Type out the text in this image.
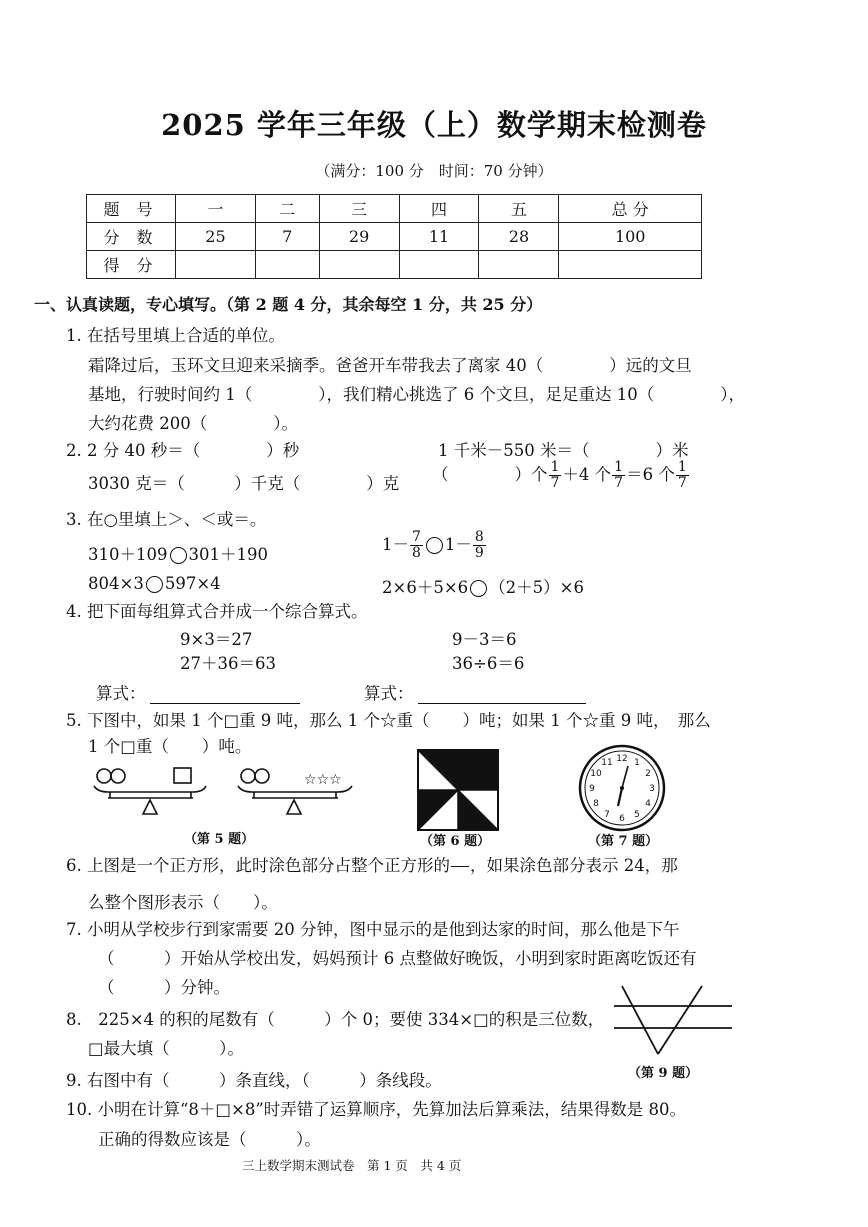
2025 学年三年级（上）数学期末检测卷
（满分：100 分　时间：70 分钟）
题 号	一	二	三	四	五	总 分
分 数	25	7	29	11	28	100
得 分						
一、认真读题，专心填写。（第 2 题 4 分，其余每空 1 分，共 25 分）
1. 在括号里填上合适的单位。
霜降过后，玉环文旦迎来采摘季。爸爸开车带我去了离家 40（　　　　）远的文旦
基地，行驶时间约 1（　　　　），我们精心挑选了 6 个文旦，足足重达 10（　　　　），
大约花费 200（　　　　）。
2. 2 分 40 秒＝（　　　　）秒	1 千米－550 米＝（　　　　）米
3030 克＝（　　　）千克（　　　　）克 （　　　　）个 $\frac{1}{7} +4$ 个 $\frac{1}{7} =6$ 个 $\frac{1}{7}$
3. 在○里填上＞、＜或＝。
310＋109 301＋190
$1- \frac{7}{8} 1- \frac{8}{9}$
804×3 597×4	2×6＋5×6 （2＋5）×6
4. 把下面每组算式合并成一个综合算式。
9×3＝27
27＋36＝63
9－3＝6
36÷6＝6
算式：	算式：
5. 下图中，如果 1 个□重 9 吨，那么 1 个☆重（　　）吨；如果 1 个☆重 9 吨，　那么
1 个□重（　　）吨。
☆☆☆
12 1
2
3
4
5
6
7
8
9
10
11
（第 5 题）	（第 6 题）	（第 7 题）
6. 上图是一个正方形，此时涂色部分占整个正方形的

，如果涂色部分表示 24，那
么整个图形表示（　　）。
7. 小明从学校步行到家需要 20 分钟，图中显示的是他到达家的时间，那么他是下午
（　　　）开始从学校出发，妈妈预计 6 点整做好晚饭，小明到家时距离吃饭还有
（　　　）分钟。
8.　225×4 的积的尾数有（　　　）个 0；要使 334×□的积是三位数，
□最大填（　　　）。
（第 9 题）
9. 右图中有（　　　）条直线，（　　　）条线段。
10. 小明在计算“8＋□×8”时弄错了运算顺序，先算加法后算乘法，结果得数是 80。
正确的得数应该是（　　　）。
三上数学期末测试卷　第 1 页　共 4 页
